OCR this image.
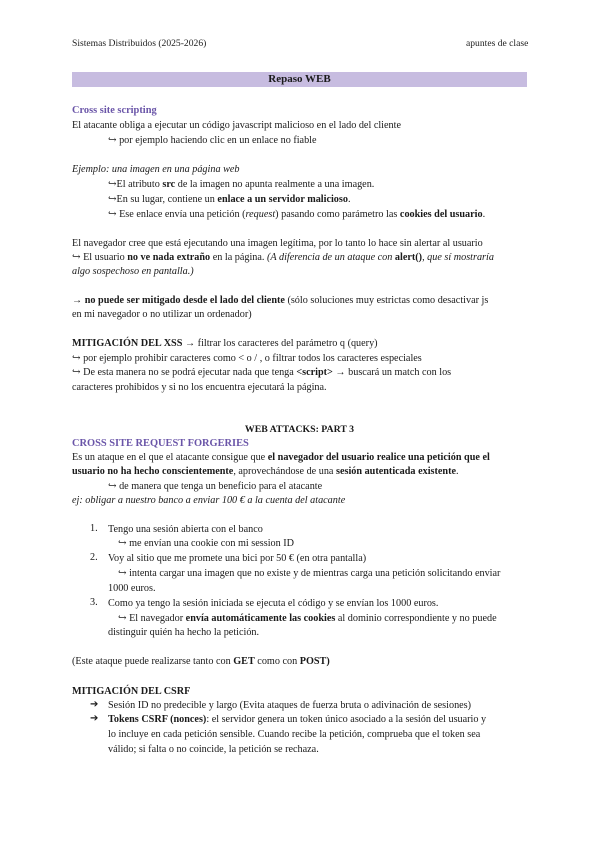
Sistemas Distribuidos (2025-2026)	apuntes de clase
Repaso WEB
Cross site scripting
El atacante obliga a ejecutar un código javascript malicioso en el lado del cliente
↪ por ejemplo haciendo clic en un enlace no fiable
Ejemplo: una imagen en una página web
↪El atributo src de la imagen no apunta realmente a una imagen.
↪En su lugar, contiene un enlace a un servidor malicioso.
↪ Ese enlace envía una petición (request) pasando como parámetro las cookies del usuario.
El navegador cree que está ejecutando una imagen legítima, por lo tanto lo hace sin alertar al usuario
↪ El usuario no ve nada extraño en la página. (A diferencia de un ataque con alert(), que sí mostraría
algo sospechoso en pantalla.)
→ no puede ser mitigado desde el lado del cliente (sólo soluciones muy estrictas como desactivar js
en mi navegador o no utilizar un ordenador)
MITIGACIÓN DEL XSS → filtrar los caracteres del parámetro q (query)
↪ por ejemplo prohibir caracteres como < o / , o filtrar todos los caracteres especiales
↪ De esta manera no se podrá ejecutar nada que tenga <script> → buscará un match con los
caracteres prohibidos y si no los encuentra ejecutará la página.
WEB ATTACKS: PART 3
CROSS SITE REQUEST FORGERIES
Es un ataque en el que el atacante consigue que el navegador del usuario realice una petición que el
usuario no ha hecho conscientemente, aprovechándose de una sesión autenticada existente.
↪ de manera que tenga un beneficio para el atacante
ej: obligar a nuestro banco a enviar 100 € a la cuenta del atacante
1. Tengo una sesión abierta con el banco
↪ me envían una cookie con mi session ID
2. Voy al sitio que me promete una bici por 50 € (en otra pantalla)
↪ intenta cargar una imagen que no existe y de mientras carga una petición solicitando enviar
1000 euros.
3. Como ya tengo la sesión iniciada se ejecuta el código y se envían los 1000 euros.
↪ El navegador envía automáticamente las cookies al dominio correspondiente y no puede
distinguir quién ha hecho la petición.
(Este ataque puede realizarse tanto con GET como con POST)
MITIGACIÓN DEL CSRF
➔ Sesión ID no predecible y largo (Evita ataques de fuerza bruta o adivinación de sesiones)
➔ Tokens CSRF (nonces): el servidor genera un token único asociado a la sesión del usuario y
lo incluye en cada petición sensible. Cuando recibe la petición, comprueba que el token sea
válido; si falta o no coincide, la petición se rechaza.
